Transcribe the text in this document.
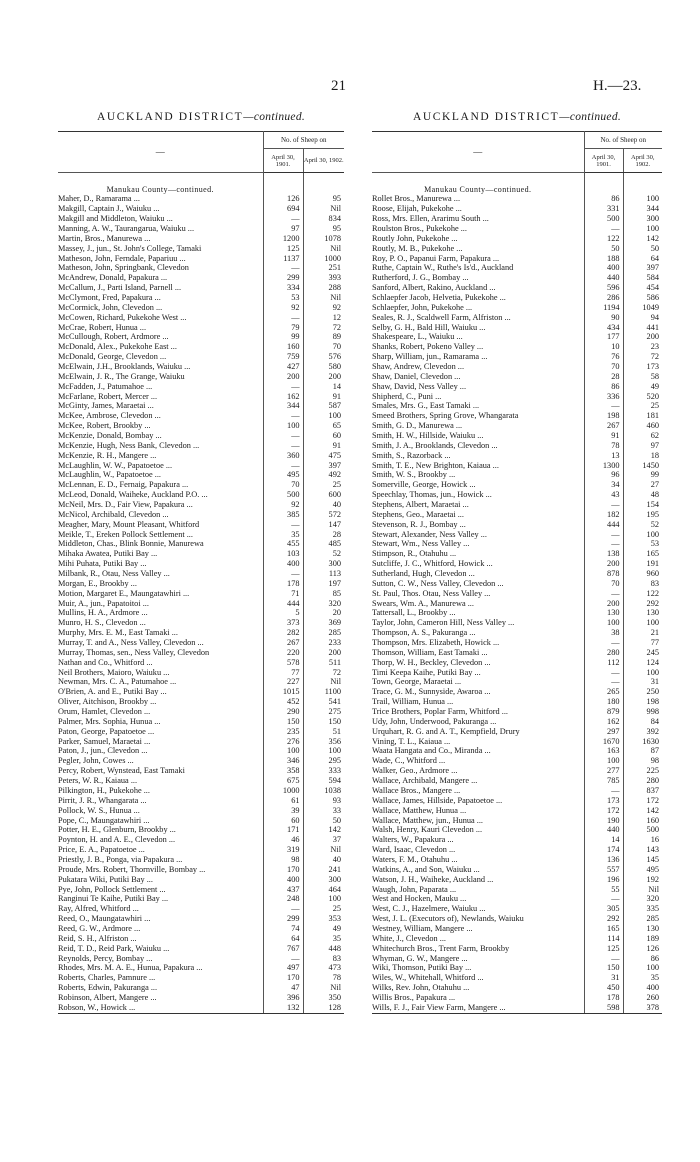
21	H.—23.
AUCKLAND DISTRICT—continued.
—	No. of Sheep on	
	April 30, 1901.	April 30, 1902.

Manukau County—continued.		
Maher, D., Ramarama ...	126	95
Makgill, Captain J., Waiuku ...	694	Nil
Makgill and Middleton, Waiuku ...	—	834
Manning, A. W., Taurangarua, Waiuku ...	97	95
Martin, Bros., Manurewa ...	1200	1078
Massey, J., jun., St. John's College, Tamaki	125	Nil
Matheson, John, Ferndale, Papariuu ...	1137	1000
Matheson, John, Springbank, Clevedon	—	251
McAndrew, Donald, Papakura ...	299	393
McCallum, J., Parti Island, Parnell ...	334	288
McClymont, Fred, Papakura ...	53	Nil
McCormick, John, Clevedon ...	92	92
McCowen, Richard, Pukekohe West ...	—	12
McCrae, Robert, Hunua ...	79	72
McCullough, Robert, Ardmore ...	99	89
McDonald, Alex., Pukekohe East ...	160	70
McDonald, George, Clevedon ...	759	576
McElwain, J.H., Brooklands, Waiuku ...	427	580
McElwain, J. R., The Grange, Waiuku	200	200
McFadden, J., Patumahoe ...	—	14
McFarlane, Robert, Mercer ...	162	91
McGinty, James, Maraetai ...	344	587
McKee, Ambrose, Clevedon ...	—	100
McKee, Robert, Brookby ...	100	65
McKenzie, Donald, Bombay ...	—	60
McKenzie, Hugh, Ness Bank, Clevedon ...	—	91
McKenzie, R. H., Mangere ...	360	475
McLaughlin, W. W., Papatoetoe ...	—	397
McLaughlin, W., Papatoetoe ...	495	492
McLennan, E. D., Fernaig, Papakura ...	70	25
McLeod, Donald, Waiheke, Auckland P.O. ...	500	600
McNeil, Mrs. D., Fair View, Papakura ...	92	40
McNicol, Archibald, Clevedon ...	385	572
Meagher, Mary, Mount Pleasant, Whitford	—	147
Meikle, T., Ereken Pollock Settlement ...	35	28
Middleton, Chas., Blink Bonnie, Manurewa	455	485
Mihaka Awatea, Putiki Bay ...	103	52
Mihi Puhata, Putiki Bay ...	400	300
Milbank, R., Otau, Ness Valley ...	—	113
Morgan, E., Brookby ...	178	197
Motion, Margaret E., Maungatawhiri ...	71	85
Muir, A., jun., Papatoitoi ...	444	320
Mullins, H. A., Ardmore ...	5	20
Munro, H. S., Clevedon ...	373	369
Murphy, Mrs. E. M., East Tamaki ...	282	285
Murray, T. and A., Ness Valley, Clevedon ...	267	233
Murray, Thomas, sen., Ness Valley, Clevedon	220	200
Nathan and Co., Whitford ...	578	511
Neil Brothers, Maioro, Waiuku ...	77	72
Newman, Mrs. C. A., Patumahoe ...	227	Nil
O'Brien, A. and E., Putiki Bay ...	1015	1100
Oliver, Aitchison, Brookby ...	452	541
Orum, Hamlet, Clevedon ...	290	275
Palmer, Mrs. Sophia, Hunua ...	150	150
Paton, George, Papatoetoe ...	235	51
Parker, Samuel, Maraetai ...	276	356
Paton, J., jun., Clevedon ...	100	100
Pegler, John, Cowes ...	346	295
Percy, Robert, Wynstead, East Tamaki	358	333
Peters, W. R., Kaiaua ...	675	594
Pilkington, H., Pukekohe ...	1000	1038
Pirrit, J. R., Whangarata ...	61	93
Pollock, W. S., Hunua ...	39	33
Pope, C., Maungatawhiri ...	60	50
Potter, H. E., Glenburn, Brookby ...	171	142
Poynton, H. and A. E., Clevedon ...	46	37
Price, E. A., Papatoetoe ...	319	Nil
Priestly, J. B., Ponga, via Papakura ...	98	40
Proude, Mrs. Robert, Thornville, Bombay ...	170	241
Pukatara Wiki, Putiki Bay ...	400	300
Pye, John, Pollock Settlement ...	437	464
Ranginui Te Kaihe, Putiki Bay ...	248	100
Ray, Alfred, Whitford ...	—	25
Reed, O., Maungatawhiri ...	299	353
Reed, G. W., Ardmore ...	74	49
Reid, S. H., Alfriston ...	64	35
Reid, T. D., Reid Park, Waiuku ...	767	448
Reynolds, Percy, Bombay ...	—	83
Rhodes, Mrs. M. A. E., Hunua, Papakura ...	497	473
Roberts, Charles, Pamnure ...	170	78
Roberts, Edwin, Pakuranga ...	47	Nil
Robinson, Albert, Mangere ...	396	350
Robson, W., Howick ...	132	128
AUCKLAND DISTRICT—continued.
—	No. of Sheep on	
	April 30, 1901.	April 30, 1902.

Manukau County—continued.		
Rollet Bros., Manurewa ...	86	100
Roose, Elijah, Pukekohe ...	331	344
Ross, Mrs. Ellen, Ararimu South ...	500	300
Roulston Bros., Pukekohe ...	—	100
Routly John, Pukekohe ...	122	142
Routly, M. B., Pukekohe ...	50	50
Roy, P. O., Papanui Farm, Papakura ...	188	64
Ruthe, Captain W., Ruthe's Is'd., Auckland	400	397
Rutherford, J. G., Bombay ...	440	584
Sanford, Albert, Rakino, Auckland ...	596	454
Schlaepfer Jacob, Helvetia, Pukekohe ...	286	586
Schlaepfer, John, Pukekohe ...	1194	1049
Seales, R. J., Scaldwell Farm, Alfriston ...	90	94
Selby, G. H., Bald Hill, Waiuku ...	434	441
Shakespeare, L., Waiuku ...	177	200
Shanks, Robert, Pokeno Valley ...	10	23
Sharp, William, jun., Ramarama ...	76	72
Shaw, Andrew, Clevedon ...	70	173
Shaw, Daniel, Clevedon ...	28	58
Shaw, David, Ness Valley ...	86	49
Shipherd, C., Puni ...	336	520
Smales, Mrs. G., East Tamaki ...	—	25
Smeed Brothers, Spring Grove, Whangarata	198	181
Smith, G. D., Manurewa ...	267	460
Smith, H. W., Hillside, Waiuku ...	91	62
Smith, J. A., Brooklands, Clevedon ...	78	97
Smith, S., Razorback ...	13	18
Smith, T. E., New Brighton, Kaiaua ...	1300	1450
Smith, W. S., Brookby ...	96	99
Somerville, George, Howick ...	34	27
Speechlay, Thomas, jun., Howick ...	43	48
Stephens, Albert, Maraetai ...	—	154
Stephens, Geo., Maraetai ...	182	195
Stevenson, R. J., Bombay ...	444	52
Stewart, Alexander, Ness Valley ...	—	100
Stewart, Wm., Ness Valley ...	—	53
Stimpson, R., Otahuhu ...	138	165
Sutcliffe, J. C., Whitford, Howick ...	200	191
Sutherland, Hugh, Clevedon ...	878	960
Sutton, C. W., Ness Valley, Clevedon ...	70	83
St. Paul, Thos. Otau, Ness Valley ...	—	122
Swears, Wm. A., Manurewa ...	200	292
Tattersall, L., Brookby ...	130	130
Taylor, John, Cameron Hill, Ness Valley ...	100	100
Thompson, A. S., Pakuranga ...	38	21
Thompson, Mrs. Elizabeth, Howick ...	—	77
Thomson, William, East Tamaki ...	280	245
Thorp, W. H., Beckley, Clevedon ...	112	124
Timi Keepa Kaihe, Putiki Bay ...	—	100
Town, George, Maraetai ...	—	31
Trace, G. M., Sunnyside, Awaroa ...	265	250
Trail, William, Hunua ...	180	198
Trice Brothers, Poplar Farm, Whitford ...	879	998
Udy, John, Underwood, Pakuranga ...	162	84
Urquhart, R. G. and A. T., Kempfield, Drury	297	392
Vining, T. L., Kaiaua ...	1670	1630
Waata Hangata and Co., Miranda ...	163	87
Wade, C., Whitford ...	100	98
Walker, Geo., Ardmore ...	277	225
Wallace, Archibald, Mangere ...	785	280
Wallace Bros., Mangere ...	—	837
Wallace, James, Hillside, Papatoetoe ...	173	172
Wallace, Matthew, Hunua ...	172	142
Wallace, Matthew, jun., Hunua ...	190	160
Walsh, Henry, Kauri Clevedon ...	440	500
Walters, W., Papakura ...	14	16
Ward, Isaac, Clevedon ...	174	143
Waters, F. M., Otahuhu ...	136	145
Watkins, A., and Son, Waiuku ...	557	495
Watson, J. H., Waiheke, Auckland ...	196	192
Waugh, John, Paparata ...	55	Nil
West and Hocken, Mauku ...	—	320
West, C. J., Hazelmere, Waiuku ...	305	335
West, J. L. (Executors of), Newlands, Waiuku	292	285
Westney, William, Mangere ...	165	130
White, J., Clevedon ...	114	189
Whitechurch Bros., Trent Farm, Brookby	125	126
Whyman, G. W., Mangere ...	—	86
Wiki, Thomson, Putiki Bay ...	150	100
Wiles, W., Whitehall, Whitford ...	31	35
Wilks, Rev. John, Otahuhu ...	450	400
Willis Bros., Papakura ...	178	260
Wills, F. J., Fair View Farm, Mangere ...	598	378
